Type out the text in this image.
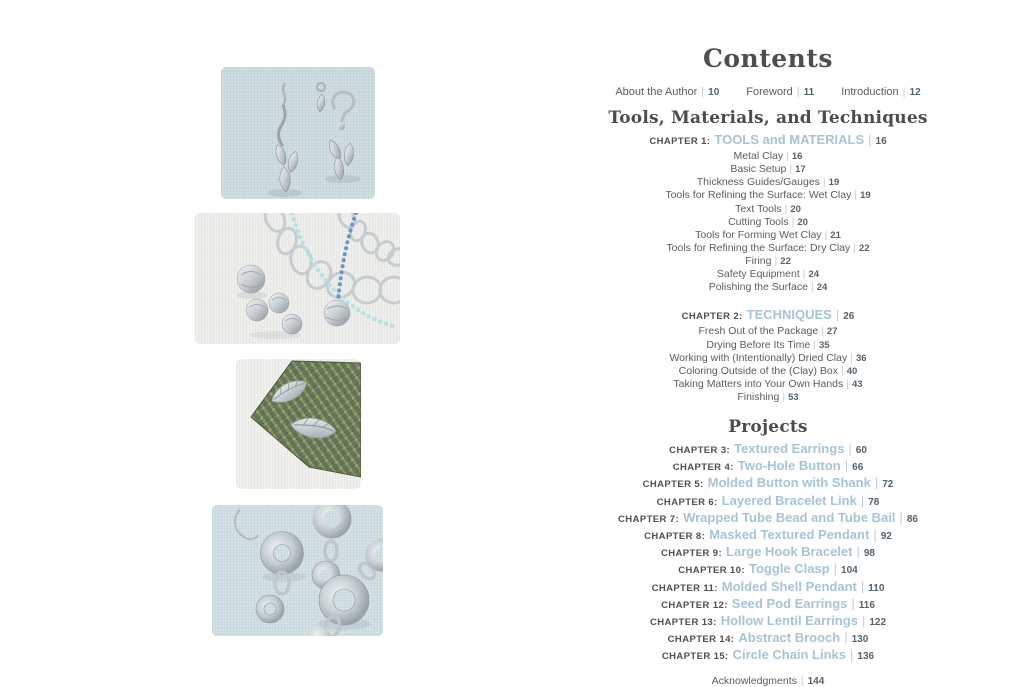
Contents
About the Author | 10 Foreword | 11 Introduction | 12
Tools, Materials, and Techniques
CHAPTER 1: TOOLS and MATERIALS | 16
Metal Clay | 16
Basic Setup | 17
Thickness Guides/Gauges | 19
Tools for Refining the Surface: Wet Clay | 19
Text Tools | 20
Cutting Tools | 20
Tools for Forming Wet Clay | 21
Tools for Refining the Surface: Dry Clay | 22
Firing | 22
Safety Equipment | 24
Polishing the Surface | 24
CHAPTER 2: TECHNIQUES | 26
Fresh Out of the Package | 27
Drying Before Its Time | 35
Working with (Intentionally) Dried Clay | 36
Coloring Outside of the (Clay) Box | 40
Taking Matters into Your Own Hands | 43
Finishing | 53
Projects
CHAPTER 3: Textured Earrings | 60
CHAPTER 4: Two-Hole Button | 66
CHAPTER 5: Molded Button with Shank | 72
CHAPTER 6: Layered Bracelet Link | 78
CHAPTER 7: Wrapped Tube Bead and Tube Bail | 86
CHAPTER 8: Masked Textured Pendant | 92
CHAPTER 9: Large Hook Bracelet | 98
CHAPTER 10: Toggle Clasp | 104
CHAPTER 11: Molded Shell Pendant | 110
CHAPTER 12: Seed Pod Earrings | 116
CHAPTER 13: Hollow Lentil Earrings | 122
CHAPTER 14: Abstract Brooch | 130
CHAPTER 15: Circle Chain Links | 136
Acknowledgments | 144
